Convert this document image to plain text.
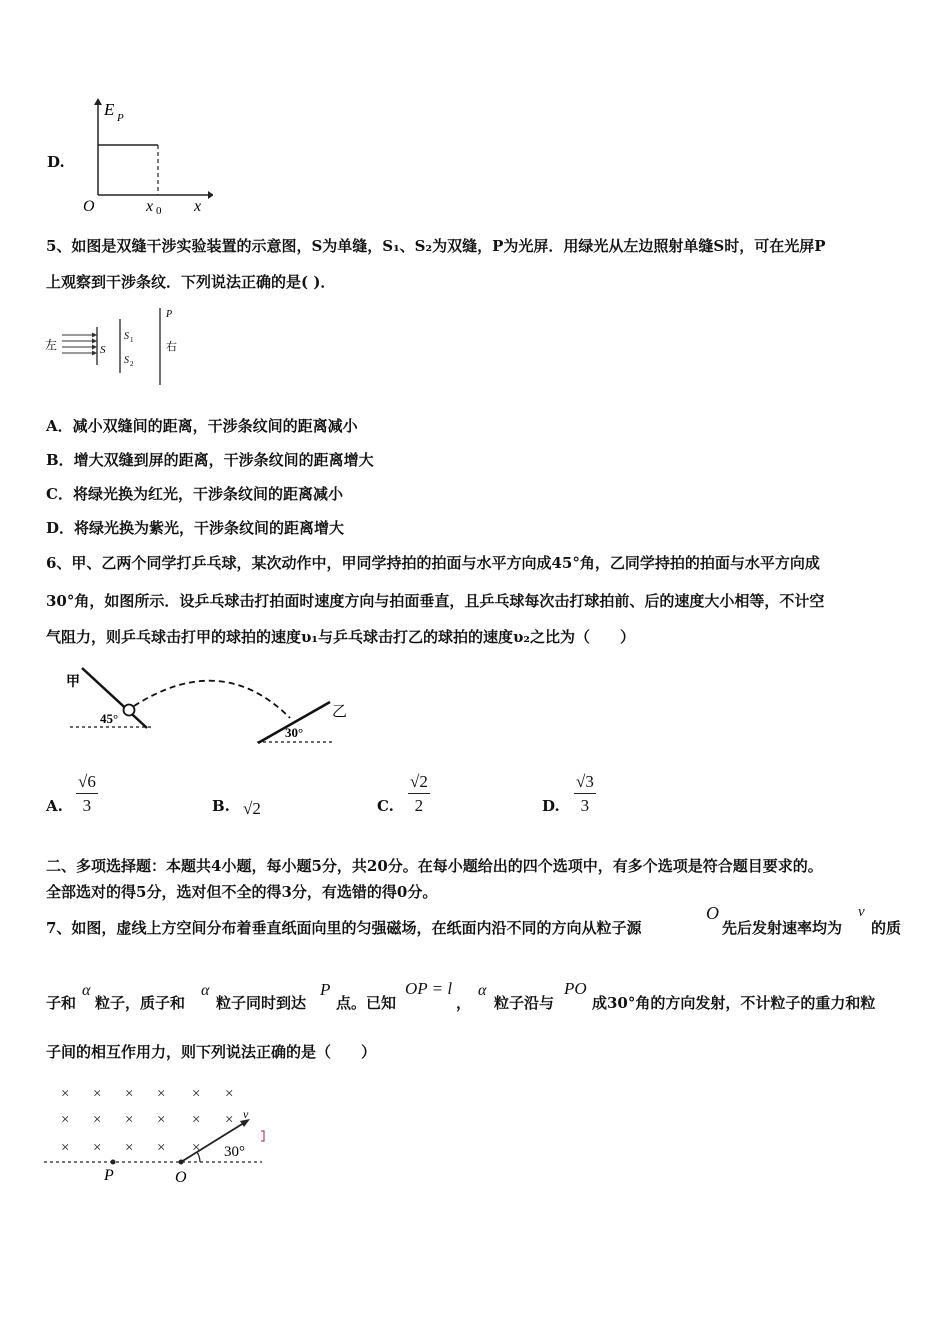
D.
E P
O	x 0 x
5、如图是双缝干涉实验装置的示意图，S为单缝，S₁、S₂为双缝，P为光屏．用绿光从左边照射单缝S时，可在光屏P
上观察到干涉条纹．下列说法正确的是( )．
左	S
S 1
S 2
P
右
A．减小双缝间的距离，干涉条纹间的距离减小
B．增大双缝到屏的距离，干涉条纹间的距离增大
C．将绿光换为红光，干涉条纹间的距离减小
D．将绿光换为紫光，干涉条纹间的距离增大
6、甲、乙两个同学打乒乓球，某次动作中，甲同学持拍的拍面与水平方向成45°角，乙同学持拍的拍面与水平方向成
30°角，如图所示．设乒乓球击打拍面时速度方向与拍面垂直，且乒乓球每次击打球拍前、后的速度大小相等，不计空
气阻力，则乒乓球击打甲的球拍的速度υ₁与乒乓球击打乙的球拍的速度υ₂之比为（　　）
甲
45°
30°
乙
A. $\frac{√6}{3}$	B. √2	C. $\frac{√2}{2}$	D. $\frac{√3}{3}$
二、多项选择题：本题共4小题，每小题5分，共20分。在每小题给出的四个选项中，有多个选项是符合题目要求的。
全部选对的得5分，选对但不全的得3分，有选错的得0分。
7、如图，虚线上方空间分布着垂直纸面向里的匀强磁场，在纸面内沿不同的方向从粒子源
O
先后发射速率均为
v
的质
子和
α
粒子，质子和
α
粒子同时到达
P
点。已知
OP = l
，
α
粒子沿与
PO
成30°角的方向发射，不计粒子的重力和粒
子间的相互作用力，则下列说法正确的是（　　）
× × × × × ×
× × × × × ×
× × × × ×
v
30°
P	O
